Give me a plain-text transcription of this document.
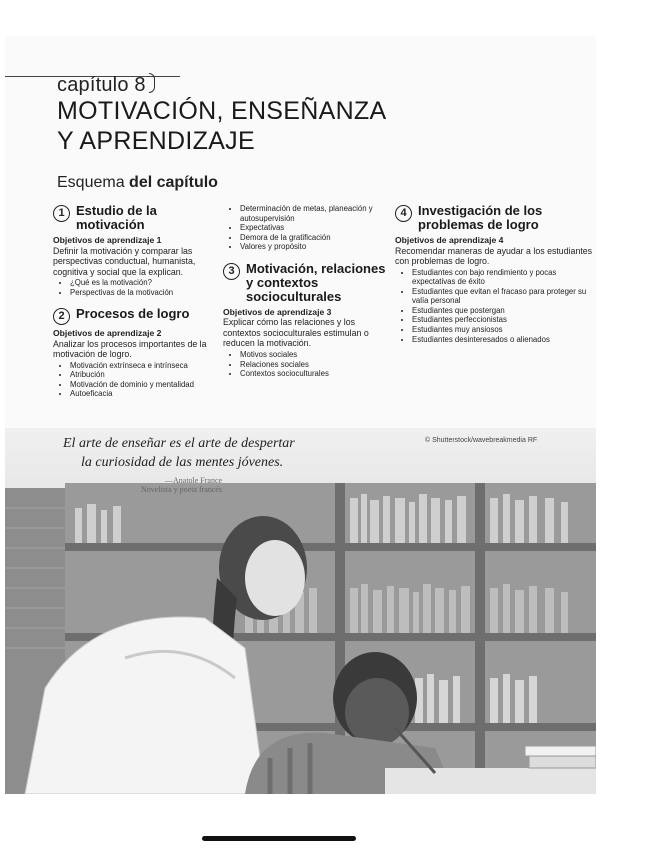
capítulo 8
MOTIVACIÓN, ENSEÑANZA
Y APRENDIZAJE
Esquema del capítulo
1 Estudio de la motivación
Objetivos de aprendizaje 1
Definir la motivación y comparar las perspectivas conductual, humanista, cognitiva y social que la explican.
• ¿Qué es la motivación?
• Perspectivas de la motivación
2 Procesos de logro
Objetivos de aprendizaje 2
Analizar los procesos importantes de la motivación de logro.
• Motivación extrínseca e intrínseca
• Atribución
• Motivación de dominio y mentalidad
• Autoeficacia
• Determinación de metas, planeación y autosupervisión
• Expectativas
• Demora de la gratificación
• Valores y propósito
3 Motivación, relaciones y contextos socioculturales
Objetivos de aprendizaje 3
Explicar cómo las relaciones y los contextos socioculturales estimulan o reducen la motivación.
• Motivos sociales
• Relaciones sociales
• Contextos socioculturales
4 Investigación de los problemas de logro
Objetivos de aprendizaje 4
Recomendar maneras de ayudar a los estudiantes con problemas de logro.
• Estudiantes con bajo rendimiento y pocas expectativas de éxito
• Estudiantes que evitan el fracaso para proteger su valía personal
• Estudiantes que postergan
• Estudiantes perfeccionistas
• Estudiantes muy ansiosos
• Estudiantes desinteresados o alienados
El arte de enseñar es el arte de despertar
la curiosidad de las mentes jóvenes.
—Anatole France
Novelista y poeta francés
© Shutterstock/wavebreakmedia RF
